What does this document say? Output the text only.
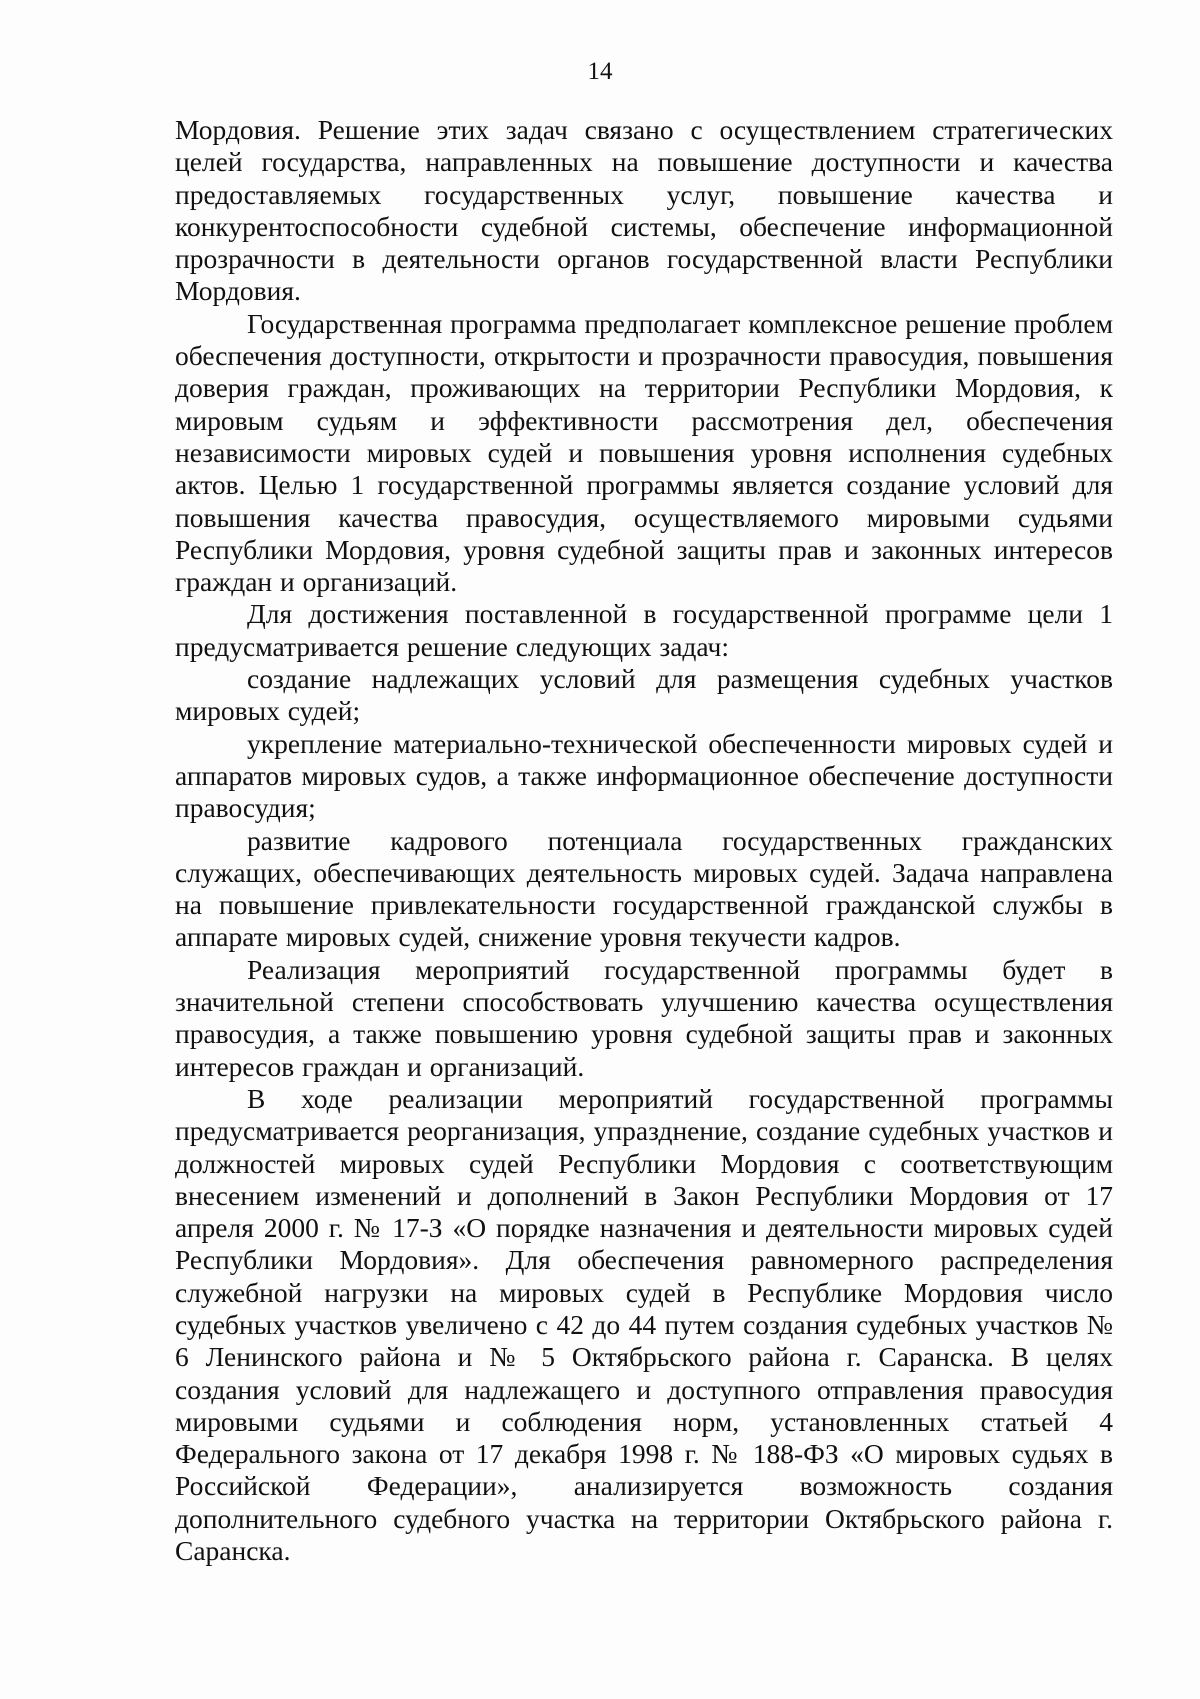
14

Мордовия. Решение этих задач связано с осуществлением стратегических целей государства, направленных на повышение доступности и качества предоставляемых государственных услуг, повышение качества и конкурентоспособности судебной системы, обеспечение информационной прозрачности в деятельности органов государственной власти Республики Мордовия.

Государственная программа предполагает комплексное решение проблем обеспечения доступности, открытости и прозрачности правосудия, повышения доверия граждан, проживающих на территории Республики Мордовия, к мировым судьям и эффективности рассмотрения дел, обеспечения независимости мировых судей и повышения уровня исполнения судебных актов. Целью 1 государственной программы является создание условий для повышения качества правосудия, осуществляемого мировыми судьями Республики Мордовия, уровня судебной защиты прав и законных интересов граждан и организаций.

Для достижения поставленной в государственной программе цели 1 предусматривается решение следующих задач:

создание надлежащих условий для размещения судебных участков мировых судей;

укрепление материально-технической обеспеченности мировых судей и аппаратов мировых судов, а также информационное обеспечение доступности правосудия;

развитие кадрового потенциала государственных гражданских служащих, обеспечивающих деятельность мировых судей. Задача направлена на повышение привлекательности государственной гражданской службы в аппарате мировых судей, снижение уровня текучести кадров.

Реализация мероприятий государственной программы будет в значительной степени способствовать улучшению качества осуществления правосудия, а также повышению уровня судебной защиты прав и законных интересов граждан и организаций.

В ходе реализации мероприятий государственной программы предусматривается реорганизация, упразднение, создание судебных участков и должностей мировых судей Республики Мордовия с соответствующим внесением изменений и дополнений в Закон Республики Мордовия от 17 апреля 2000 г. № 17-З «О порядке назначения и деятельности мировых судей Республики Мордовия». Для обеспечения равномерного распределения служебной нагрузки на мировых судей в Республике Мордовия число судебных участков увеличено с 42 до 44 путем создания судебных участков № 6 Ленинского района и № 5 Октябрьского района г. Саранска. В целях создания условий для надлежащего и доступного отправления правосудия мировыми судьями и соблюдения норм, установленных статьей 4 Федерального закона от 17 декабря 1998 г. № 188-ФЗ «О мировых судьях в Российской Федерации», анализируется возможность создания дополнительного судебного участка на территории Октябрьского района г. Саранска.
